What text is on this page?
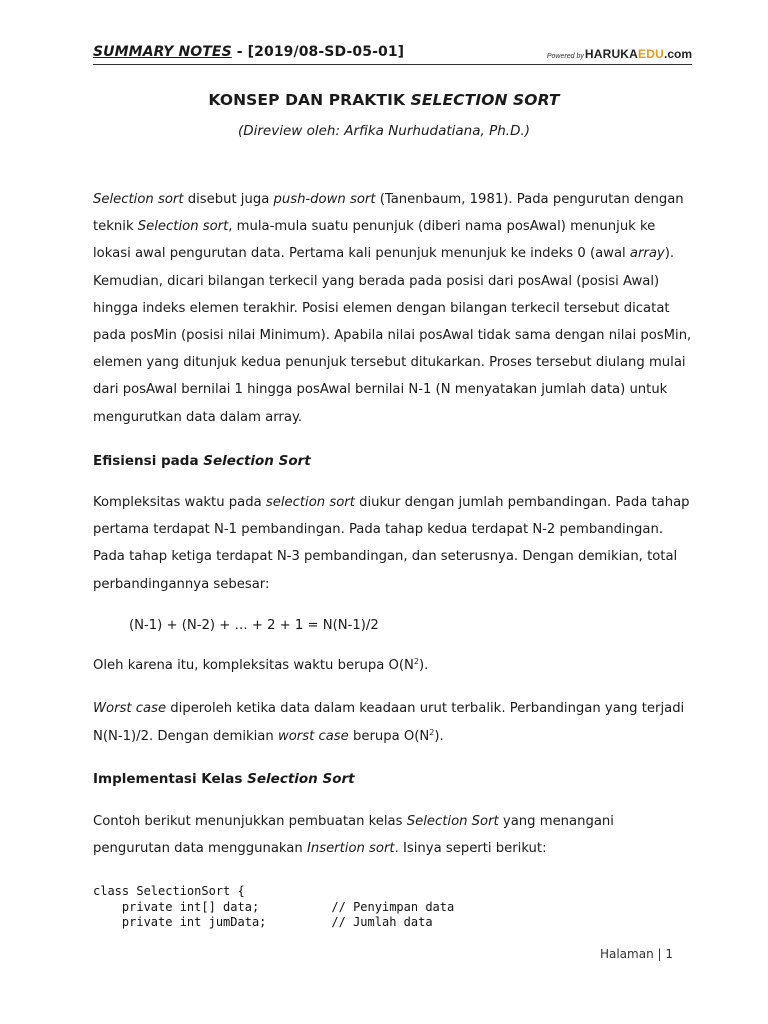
SUMMARY NOTES - [2019/08-SD-05-01]	Powered byHARUKAEDU.com
KONSEP DAN PRAKTIK SELECTION SORT
(Direview oleh: Arfika Nurhudatiana, Ph.D.)

Selection sort disebut juga push-down sort (Tanenbaum, 1981). Pada pengurutan dengan teknik Selection sort, mula-mula suatu penunjuk (diberi nama posAwal) menunjuk ke lokasi awal pengurutan data. Pertama kali penunjuk menunjuk ke indeks 0 (awal array). Kemudian, dicari bilangan terkecil yang berada pada posisi dari posAwal (posisi Awal) hingga indeks elemen terakhir. Posisi elemen dengan bilangan terkecil tersebut dicatat pada posMin (posisi nilai Minimum). Apabila nilai posAwal tidak sama dengan nilai posMin, elemen yang ditunjuk kedua penunjuk tersebut ditukarkan. Proses tersebut diulang mulai dari posAwal bernilai 1 hingga posAwal bernilai N-1 (N menyatakan jumlah data) untuk mengurutkan data dalam array.

Efisiensi pada Selection Sort

Kompleksitas waktu pada selection sort diukur dengan jumlah pembandingan. Pada tahap pertama terdapat N-1 pembandingan. Pada tahap kedua terdapat N-2 pembandingan. Pada tahap ketiga terdapat N-3 pembandingan, dan seterusnya. Dengan demikian, total perbandingannya sebesar:

(N-1) + (N-2) + … + 2 + 1 = N(N-1)/2
Oleh karena itu, kompleksitas waktu berupa $O(N^2)$.
Worst case diperoleh ketika data dalam keadaan urut terbalik. Perbandingan yang terjadi
N(N-1)/2. Dengan demikian worst case berupa $O(N^2)$.
Implementasi Kelas Selection Sort

Contoh berikut menunjukkan pembuatan kelas Selection Sort yang menangani pengurutan data menggunakan Insertion sort. Isinya seperti berikut:

class SelectionSort {
private int[] data;          // Penyimpan data
private int jumData;         // Jumlah data
Halaman | 1
